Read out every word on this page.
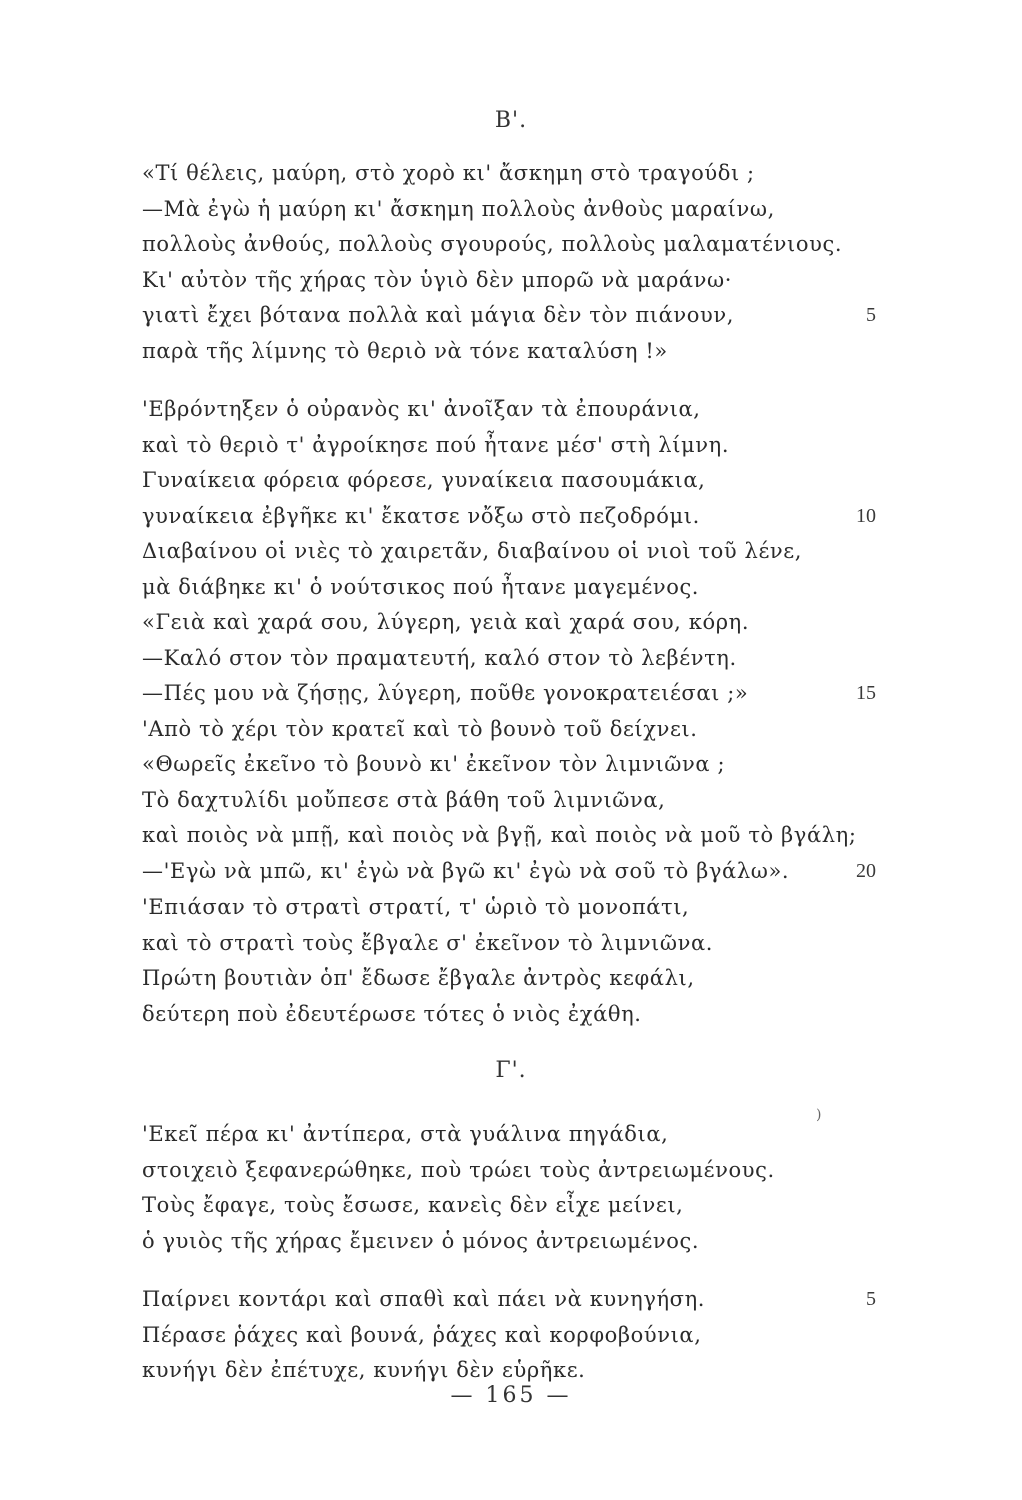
Β'.
«Τί θέλεις, μαύρη, στὸ χορὸ κι' ἄσκημη στὸ τραγούδι ;
—Μὰ ἐγὼ ἡ μαύρη κι' ἄσκημη πολλοὺς ἀνθοὺς μαραίνω,
πολλοὺς ἀνθούς, πολλοὺς σγουρούς, πολλοὺς μαλαματένιους.
Κι' αὐτὸν τῆς χήρας τὸν ὑγιὸ δὲν μπορῶ νὰ μαράνω·
γιατὶ ἔχει βότανα πολλὰ καὶ μάγια δὲν τὸν πιάνουν,	5
παρὰ τῆς λίμνης τὸ θεριὸ νὰ τόνε καταλύση !»
'Εβρόντηξεν ὁ οὐρανὸς κι' ἀνοῖξαν τὰ ἐπουράνια,
καὶ τὸ θεριὸ τ' ἀγροίκησε πού ἦτανε μέσ' στὴ λίμνη.
Γυναίκεια φόρεια φόρεσε, γυναίκεια πασουμάκια,
γυναίκεια ἐβγῆκε κι' ἔκατσε νὄξω στὸ πεζοδρόμι.	10
Διαβαίνου οἱ νιὲς τὸ χαιρετᾶν, διαβαίνου οἱ νιοὶ τοῦ λένε,
μὰ διάβηκε κι' ὁ νούτσικος πού ἦτανε μαγεμένος.
«Γειὰ καὶ χαρά σου, λύγερη, γειὰ καὶ χαρά σου, κόρη.
—Καλό στον τὸν πραματευτή, καλό στον τὸ λεβέντη.
—Πές μου νὰ ζήσῃς, λύγερη, ποῦθε γονοκρατειέσαι ;»	15
'Απὸ τὸ χέρι τὸν κρατεῖ καὶ τὸ βουνὸ τοῦ δείχνει.
«Θωρεῖς ἐκεῖνο τὸ βουνὸ κι' ἐκεῖνον τὸν λιμνιῶνα ;
Τὸ δαχτυλίδι μοὔπεσε στὰ βάθη τοῦ λιμνιῶνα,
καὶ ποιὸς νὰ μπῇ, καὶ ποιὸς νὰ βγῇ, καὶ ποιὸς νὰ μοῦ τὸ βγάλη;
—'Εγὼ νὰ μπῶ, κι' ἐγὼ νὰ βγῶ κι' ἐγὼ νὰ σοῦ τὸ βγάλω».	20
'Επιάσαν τὸ στρατὶ στρατί, τ' ὡριὸ τὸ μονοπάτι,
καὶ τὸ στρατὶ τοὺς ἔβγαλε σ' ἐκεῖνον τὸ λιμνιῶνα.
Πρώτη βουτιὰν ὁπ' ἔδωσε ἔβγαλε ἀντρὸς κεφάλι,
δεύτερη ποὺ ἐδευτέρωσε τότες ὁ νιὸς ἐχάθη.
Γ'.
)
'Εκεῖ πέρα κι' ἀντίπερα, στὰ γυάλινα πηγάδια,
στοιχειὸ ξεφανερώθηκε, ποὺ τρώει τοὺς ἀντρειωμένους.
Τοὺς ἔφαγε, τοὺς ἔσωσε, κανεὶς δὲν εἶχε μείνει,
ὁ γυιὸς τῆς χήρας ἔμεινεν ὁ μόνος ἀντρειωμένος.
Παίρνει κοντάρι καὶ σπαθὶ καὶ πάει νὰ κυνηγήση.	5
Πέρασε ῥάχες καὶ βουνά, ῥάχες καὶ κορφοβούνια,
κυνήγι δὲν ἐπέτυχε, κυνήγι δὲν εὑρῆκε.
— 165 —
